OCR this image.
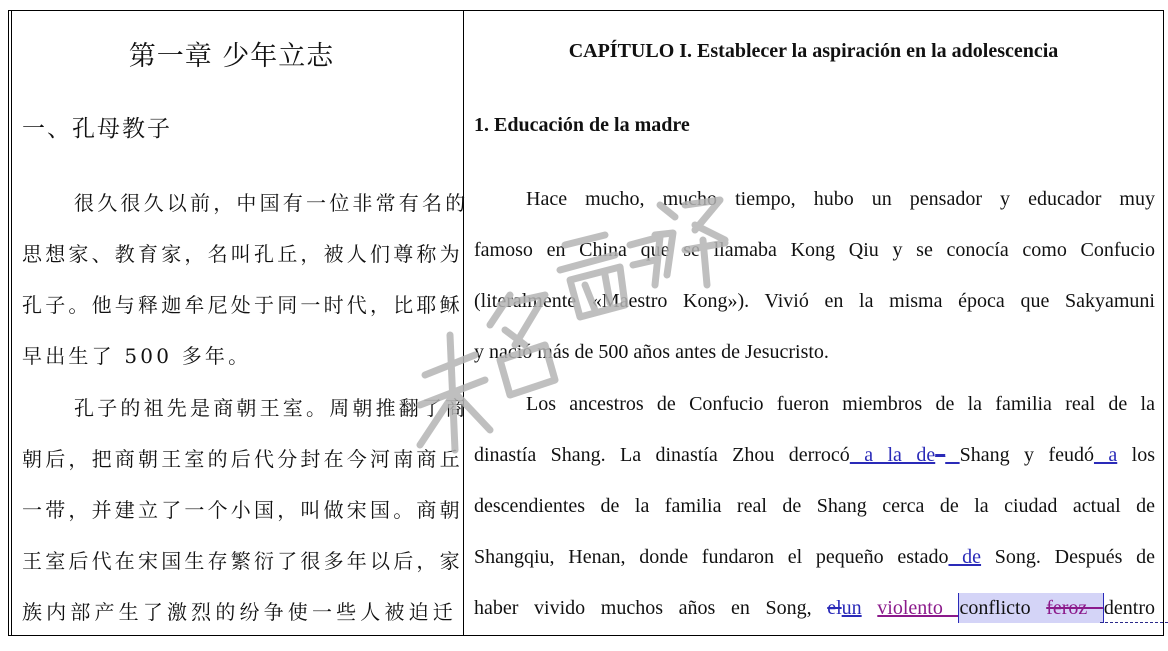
第一章 少年立志
一、孔母教子
很久很久以前，中国有一位非常有名的
思想家、教育家，名叫孔丘，被人们尊称为
孔子。他与释迦牟尼处于同一时代，比耶稣
早出生了 500 多年。
孔子的祖先是商朝王室。周朝推翻了商
朝后，把商朝王室的后代分封在今河南商丘
一带，并建立了一个小国，叫做宋国。商朝
王室后代在宋国生存繁衍了很多年以后，家
族内部产生了激烈的纷争使一些人被迫迁
CAPÍTULO I. Establecer la aspiración en la adolescencia
1. Educación de la madre
Hace mucho, mucho tiempo, hubo un pensador y educador muy
famoso en China que se llamaba Kong Qiu y se conocía como Confucio
(literalmente «Maestro Kong»). Vivió en la misma época que Sakyamuni
y nació más de 500 años antes de Jesucristo.
Los ancestros de Confucio fueron miembros de la familia real de la
dinastía Shang. La dinastía Zhou derrocó a la de– Shang y feudó a los
descendientes de la familia real de Shang cerca de la ciudad actual de
Shangqiu, Henan, donde fundaron el pequeño estado de Song. Después de
haber vivido muchos años en Song, elun violento conflicto feroz dentro
